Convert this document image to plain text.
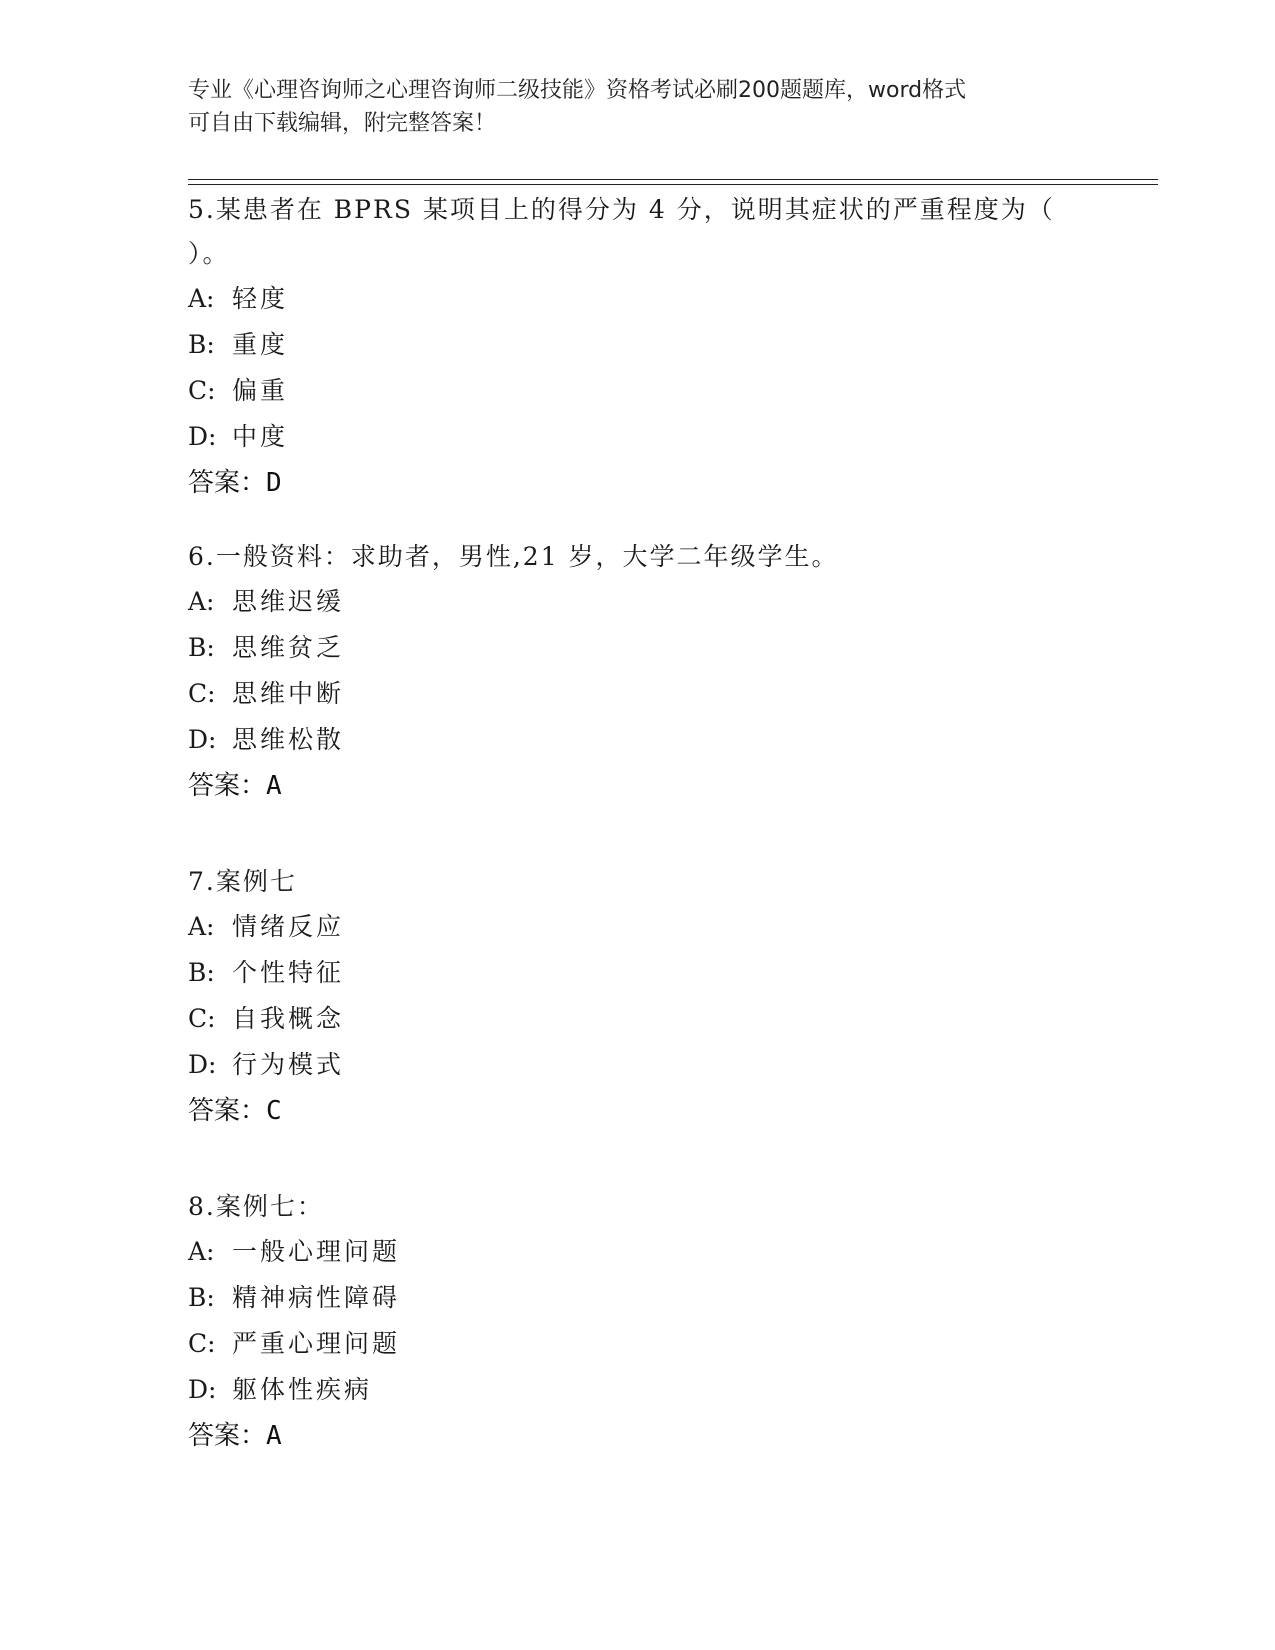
专业《心理咨询师之心理咨询师二级技能》资格考试必刷200题题库，word格式
可自由下载编辑，附完整答案！

5.某患者在 BPRS 某项目上的得分为 4 分，说明其症状的严重程度为（

）。

A: 轻度

B: 重度

C: 偏重

D: 中度

答案：D

6.一般资料：求助者，男性,21 岁，大学二年级学生。

A: 思维迟缓

B: 思维贫乏

C: 思维中断

D: 思维松散

答案：A

7.案例七

A: 情绪反应

B: 个性特征

C: 自我概念

D: 行为模式

答案：C

8.案例七：

A: 一般心理问题

B: 精神病性障碍

C: 严重心理问题

D: 躯体性疾病

答案：A
